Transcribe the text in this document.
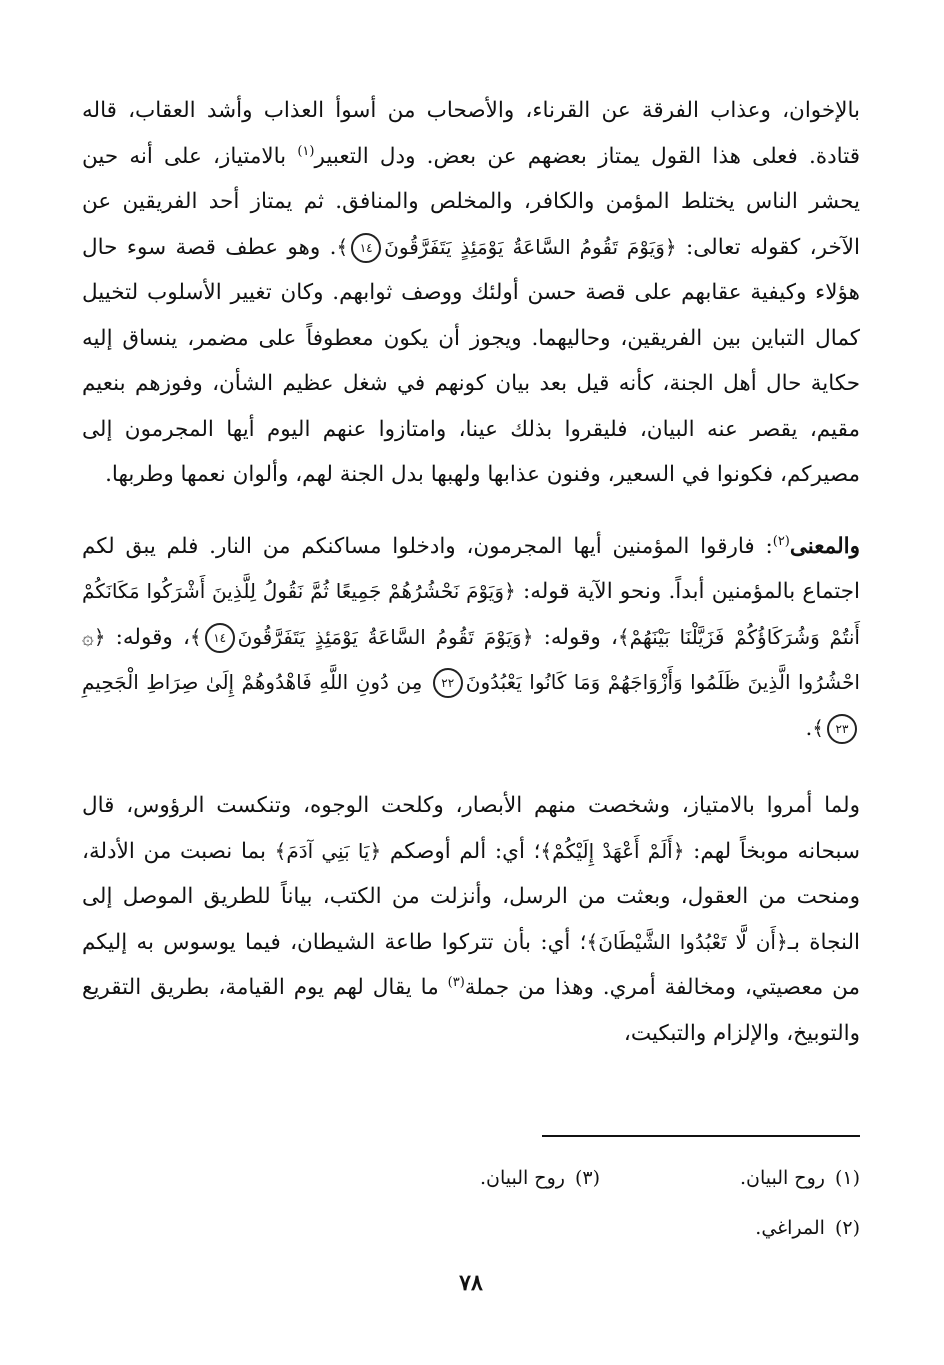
بالإخوان، وعذاب الفرقة عن القرناء، والأصحاب من أسوأ العذاب وأشد العقاب، قاله قتادة. فعلى هذا القول يمتاز بعضهم عن بعض. ودل التعبير$^{(١)}$ بالامتياز، على أنه حين يحشر الناس يختلط المؤمن والكافر، والمخلص والمنافق. ثم يمتاز أحد الفريقين عن الآخر، كقوله تعالى: ﴿وَيَوْمَ تَقُومُ السَّاعَةُ يَوْمَئِذٍ يَتَفَرَّقُونَ١٤﴾. وهو عطف قصة سوء حال هؤلاء وكيفية عقابهم على قصة حسن أولئك ووصف ثوابهم. وكان تغيير الأسلوب لتخييل كمال التباين بين الفريقين، وحاليهما. ويجوز أن يكون معطوفاً على مضمر، ينساق إليه حكاية حال أهل الجنة، كأنه قيل بعد بيان كونهم في شغل عظيم الشأن، وفوزهم بنعيم مقيم، يقصر عنه البيان، فليقروا بذلك عينا، وامتازوا عنهم اليوم أيها المجرمون إلى مصيركم، فكونوا في السعير، وفنون عذابها ولهبها بدل الجنة لهم، وألوان نعمها وطربها.

والمعنى$^{(٢)}$: فارقوا المؤمنين أيها المجرمون، وادخلوا مساكنكم من النار. فلم يبق لكم اجتماع بالمؤمنين أبداً. ونحو الآية قوله: ﴿وَيَوْمَ نَحْشُرُهُمْ جَمِيعًا ثُمَّ نَقُولُ لِلَّذِينَ أَشْرَكُوا مَكَانَكُمْ أَنتُمْ وَشُرَكَاؤُكُمْ فَزَيَّلْنَا بَيْنَهُمْ﴾، وقوله: ﴿وَيَوْمَ تَقُومُ السَّاعَةُ يَوْمَئِذٍ يَتَفَرَّقُونَ١٤﴾، وقوله: ﴿۞ احْشُرُوا الَّذِينَ ظَلَمُوا وَأَزْوَاجَهُمْ وَمَا كَانُوا يَعْبُدُونَ٢٢ مِن دُونِ اللَّهِ فَاهْدُوهُمْ إِلَىٰ صِرَاطِ الْجَحِيمِ٢٣﴾.

ولما أمروا بالامتياز، وشخصت منهم الأبصار، وكلحت الوجوه، وتنكست الرؤوس، قال سبحانه موبخاً لهم: ﴿أَلَمْ أَعْهَدْ إِلَيْكُمْ﴾؛ أي: ألم أوصكم ﴿يَا بَنِي آدَمَ﴾ بما نصبت من الأدلة، ومنحت من العقول، وبعثت من الرسل، وأنزلت من الكتب، بياناً للطريق الموصل إلى النجاة بـ﴿أَن لَّا تَعْبُدُوا الشَّيْطَانَ﴾؛ أي: بأن تتركوا طاعة الشيطان، فيما يوسوس به إليكم من معصيتي، ومخالفة أمري. وهذا من جملة$^{(٣)}$ ما يقال لهم يوم القيامة، بطريق التقريع والتوبيخ، والإلزام والتبكيت،

(١)روح البيان.
(٣)روح البيان.
(٢)المراغي.
٧٨
